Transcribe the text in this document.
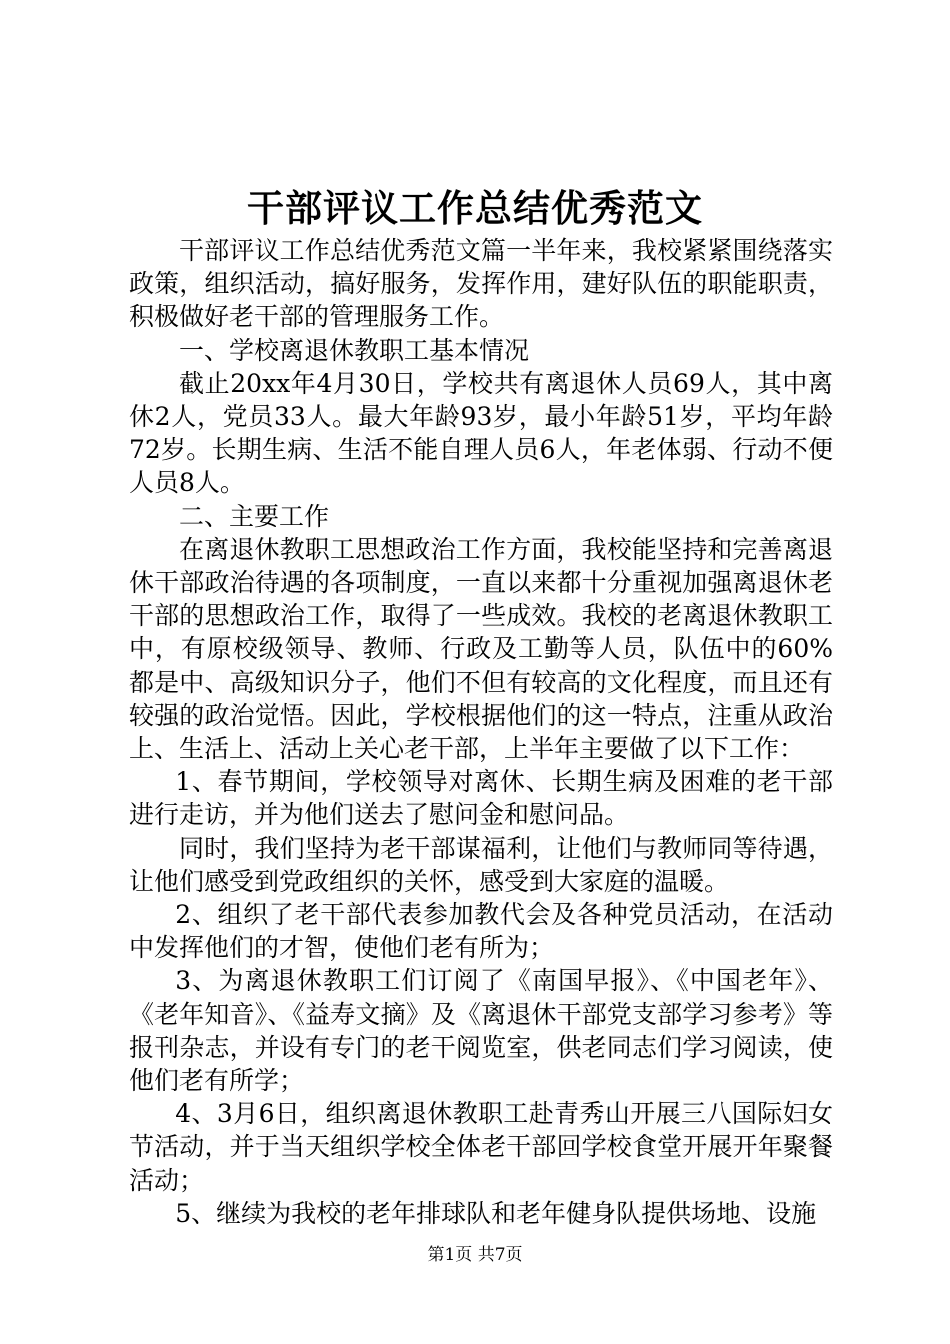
干部评议工作总结优秀范文

干部评议工作总结优秀范文篇一半年来，我校紧紧围绕落实政策，组织活动，搞好服务，发挥作用，建好队伍的职能职责，积极做好老干部的管理服务工作。

一、学校离退休教职工基本情况

截止20xx年4月30日，学校共有离退休人员69人，其中离休2人，党员33人。最大年龄93岁，最小年龄51岁，平均年龄72岁。长期生病、生活不能自理人员6人，年老体弱、行动不便人员8人。

二、主要工作

在离退休教职工思想政治工作方面，我校能坚持和完善离退休干部政治待遇的各项制度，一直以来都十分重视加强离退休老干部的思想政治工作，取得了一些成效。我校的老离退休教职工中，有原校级领导、教师、行政及工勤等人员，队伍中的60%都是中、高级知识分子，他们不但有较高的文化程度，而且还有较强的政治觉悟。因此，学校根据他们的这一特点，注重从政治上、生活上、活动上关心老干部，上半年主要做了以下工作：

1、春节期间，学校领导对离休、长期生病及困难的老干部进行走访，并为他们送去了慰问金和慰问品。

同时，我们坚持为老干部谋福利，让他们与教师同等待遇，让他们感受到党政组织的关怀，感受到大家庭的温暖。

2、组织了老干部代表参加教代会及各种党员活动，在活动中发挥他们的才智，使他们老有所为；

3、为离退休教职工们订阅了《南国早报》、《中国老年》、《老年知音》、《益寿文摘》及《离退休干部党支部学习参考》等报刊杂志，并设有专门的老干阅览室，供老同志们学习阅读，使他们老有所学；

4、3月6日，组织离退休教职工赴青秀山开展三八国际妇女节活动，并于当天组织学校全体老干部回学校食堂开展开年聚餐活动；

5、继续为我校的老年排球队和老年健身队提供场地、设施

第1页 共7页
